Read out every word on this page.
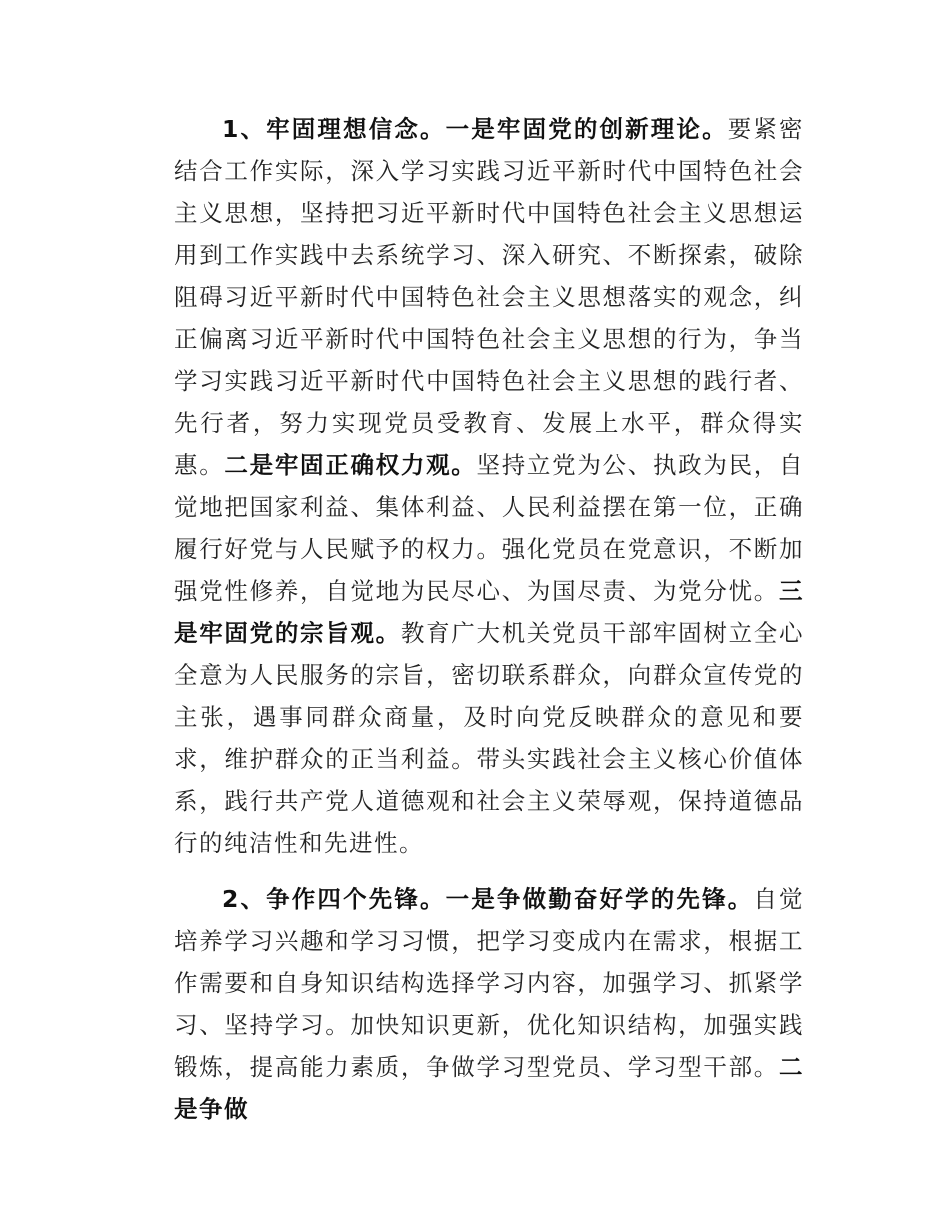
1、牢固理想信念。一是牢固党的创新理论。要紧密结合工作实际，深入学习实践习近平新时代中国特色社会主义思想，坚持把习近平新时代中国特色社会主义思想运用到工作实践中去系统学习、深入研究、不断探索，破除阻碍习近平新时代中国特色社会主义思想落实的观念，纠正偏离习近平新时代中国特色社会主义思想的行为，争当学习实践习近平新时代中国特色社会主义思想的践行者、先行者，努力实现党员受教育、发展上水平，群众得实惠。二是牢固正确权力观。坚持立党为公、执政为民，自觉地把国家利益、集体利益、人民利益摆在第一位，正确履行好党与人民赋予的权力。强化党员在党意识，不断加强党性修养，自觉地为民尽心、为国尽责、为党分忧。三是牢固党的宗旨观。教育广大机关党员干部牢固树立全心全意为人民服务的宗旨，密切联系群众，向群众宣传党的主张，遇事同群众商量，及时向党反映群众的意见和要求，维护群众的正当利益。带头实践社会主义核心价值体系，践行共产党人道德观和社会主义荣辱观，保持道德品行的纯洁性和先进性。

2、争作四个先锋。一是争做勤奋好学的先锋。自觉培养学习兴趣和学习习惯，把学习变成内在需求，根据工作需要和自身知识结构选择学习内容，加强学习、抓紧学习、坚持学习。加快知识更新，优化知识结构，加强实践锻炼，提高能力素质，争做学习型党员、学习型干部。二是争做
